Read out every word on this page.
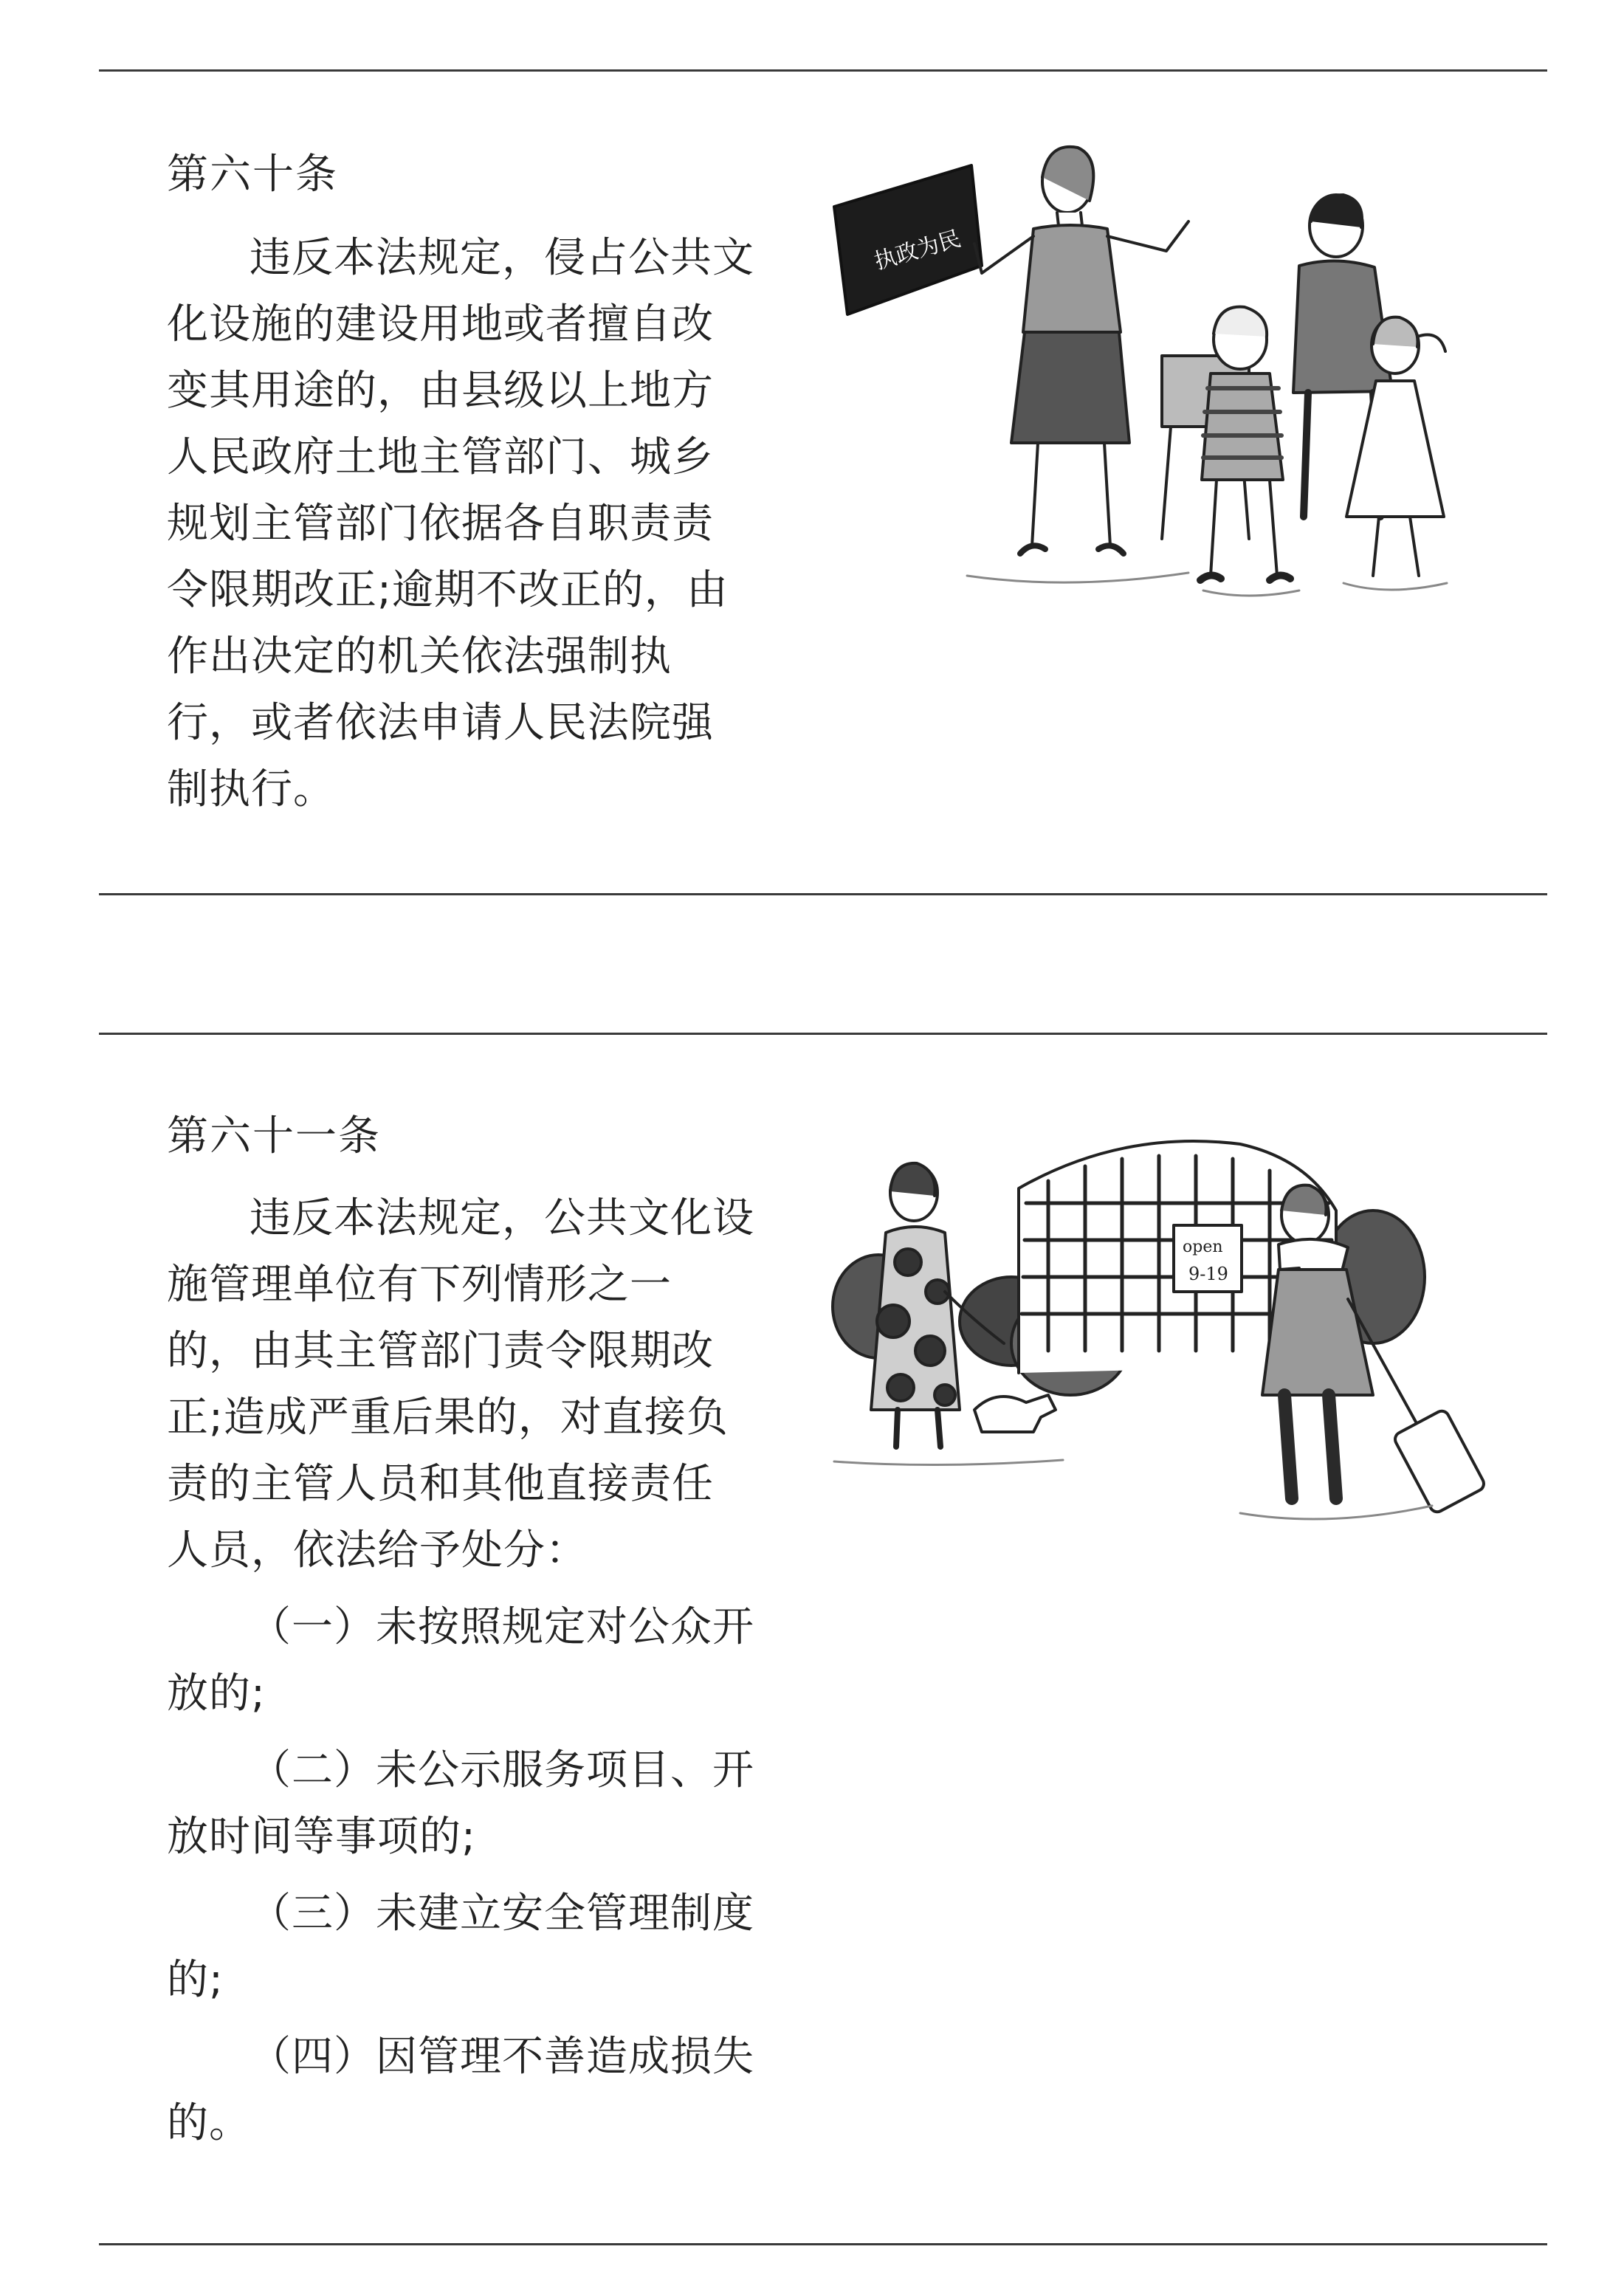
第六十条

违反本法规定，侵占公共文

化设施的建设用地或者擅自改

变其用途的，由县级以上地方

人民政府土地主管部门、城乡

规划主管部门依据各自职责责

令限期改正;逾期不改正的，由

作出决定的机关依法强制执

行，或者依法申请人民法院强

制执行。

执政为民
第六十一条

违反本法规定，公共文化设

施管理单位有下列情形之一

的，由其主管部门责令限期改

正;造成严重后果的，对直接负

责的主管人员和其他直接责任

人员，依法给予处分：

（一）未按照规定对公众开

放的;

（二）未公示服务项目、开

放时间等事项的;

（三）未建立安全管理制度

的;

（四）因管理不善造成损失

的。

open
9-19
